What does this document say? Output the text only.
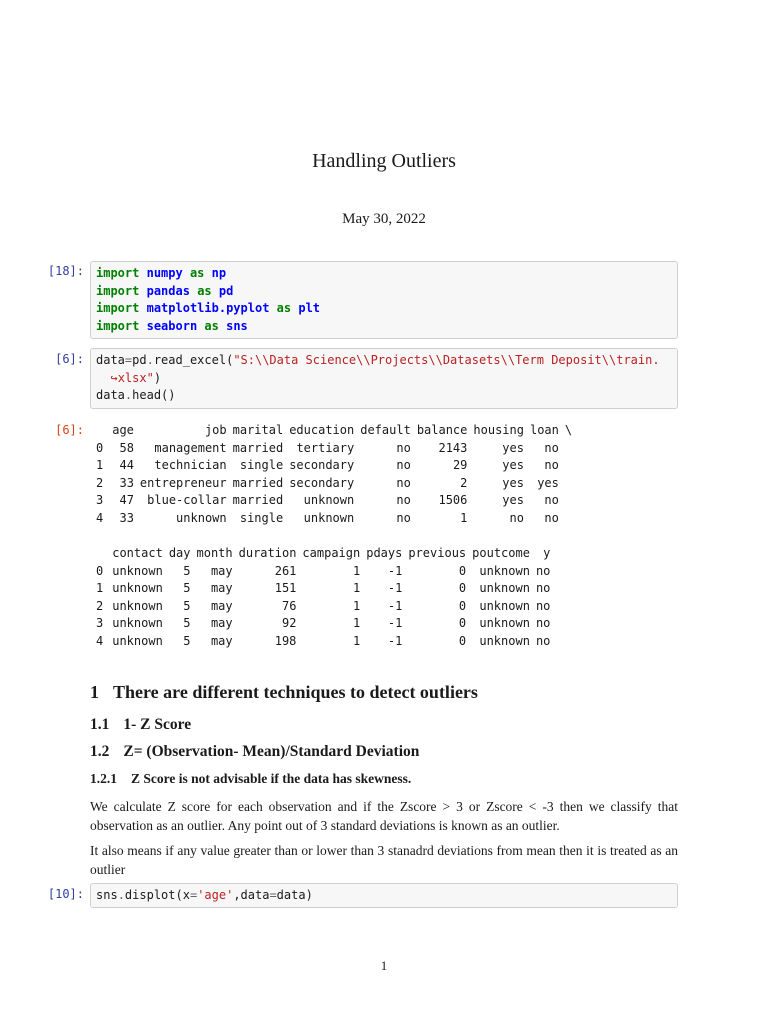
Handling Outliers
May 30, 2022
[18]:	import numpy as np
import pandas as pd
import matplotlib.pyplot as plt
import seaborn as sns
[6]:	data=pd.read_excel("S:\\Data Science\\Projects\\Datasets\\Term Deposit\\train.
↪xlsx")
data.head()
[6]:
	age	job	marital	education	default	balance	housing	loan	\
0	58	management	married	tertiary	no	2143	yes	no	
1	44	technician	single	secondary	no	29	yes	no	
2	33	entrepreneur	married	secondary	no	2	yes	yes	
3	47	blue-collar	married	unknown	no	1506	yes	no	
4	33	unknown	single	unknown	no	1	no	no	
	contact	day	month	duration	campaign	pdays	previous	poutcome	y
0	unknown	5	may	261	1	-1	0	unknown	no
1	unknown	5	may	151	1	-1	0	unknown	no
2	unknown	5	may	76	1	-1	0	unknown	no
3	unknown	5	may	92	1	-1	0	unknown	no
4	unknown	5	may	198	1	-1	0	unknown	no
1 There are different techniques to detect outliers
1.1 1- Z Score
1.2 Z= (Observation- Mean)/Standard Deviation
1.2.1 Z Score is not advisable if the data has skewness.
We calculate Z score for each observation and if the Zscore > 3 or Zscore < -3 then we classify that observation as an outlier. Any point out of 3 standard deviations is known as an outlier.
It also means if any value greater than or lower than 3 stanadrd deviations from mean then it is treated as an outlier
[10]:	sns.displot(x='age',data=data)
1
